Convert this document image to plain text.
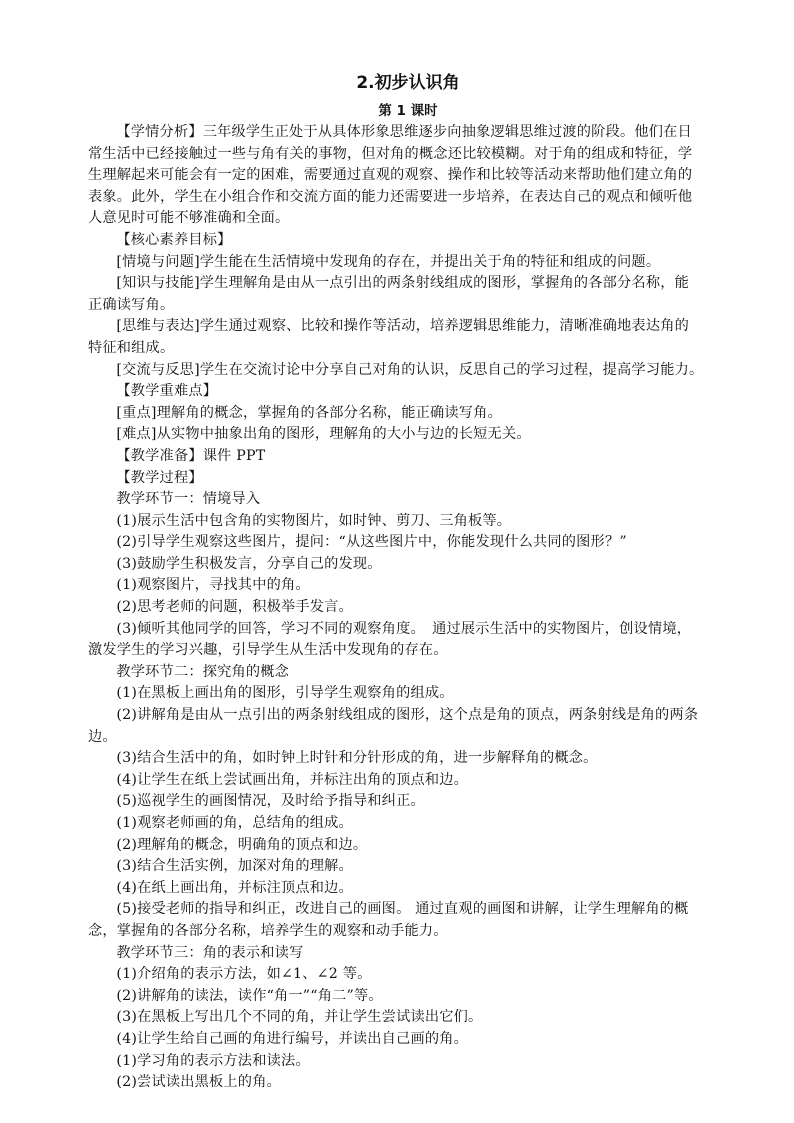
2.初步认识角
第 1 课时

【学情分析】三年级学生正处于从具体形象思维逐步向抽象逻辑思维过渡的阶段。他们在日

常生活中已经接触过一些与角有关的事物，但对角的概念还比较模糊。对于角的组成和特征，学

生理解起来可能会有一定的困难，需要通过直观的观察、操作和比较等活动来帮助他们建立角的

表象。此外，学生在小组合作和交流方面的能力还需要进一步培养，在表达自己的观点和倾听他

人意见时可能不够准确和全面。

【核心素养目标】

[情境与问题]学生能在生活情境中发现角的存在，并提出关于角的特征和组成的问题。

[知识与技能]学生理解角是由从一点引出的两条射线组成的图形，掌握角的各部分名称，能

正确读写角。

[思维与表达]学生通过观察、比较和操作等活动，培养逻辑思维能力，清晰准确地表达角的

特征和组成。

[交流与反思]学生在交流讨论中分享自己对角的认识，反思自己的学习过程，提高学习能力。

【教学重难点】

[重点]理解角的概念，掌握角的各部分名称，能正确读写角。

[难点]从实物中抽象出角的图形，理解角的大小与边的长短无关。

【教学准备】课件 PPT

【教学过程】

教学环节一：情境导入

(1)展示生活中包含角的实物图片，如时钟、剪刀、三角板等。

(2)引导学生观察这些图片，提问：“从这些图片中，你能发现什么共同的图形？”

(3)鼓励学生积极发言，分享自己的发现。

(1)观察图片，寻找其中的角。

(2)思考老师的问题，积极举手发言。

(3)倾听其他同学的回答，学习不同的观察角度。　通过展示生活中的实物图片，创设情境，

激发学生的学习兴趣，引导学生从生活中发现角的存在。

教学环节二：探究角的概念

(1)在黑板上画出角的图形，引导学生观察角的组成。

(2)讲解角是由从一点引出的两条射线组成的图形，这个点是角的顶点，两条射线是角的两条

边。

(3)结合生活中的角，如时钟上时针和分针形成的角，进一步解释角的概念。

(4)让学生在纸上尝试画出角，并标注出角的顶点和边。

(5)巡视学生的画图情况，及时给予指导和纠正。

(1)观察老师画的角，总结角的组成。

(2)理解角的概念，明确角的顶点和边。

(3)结合生活实例，加深对角的理解。

(4)在纸上画出角，并标注顶点和边。

(5)接受老师的指导和纠正，改进自己的画图。 通过直观的画图和讲解，让学生理解角的概

念，掌握角的各部分名称，培养学生的观察和动手能力。

教学环节三：角的表示和读写

(1)介绍角的表示方法，如∠1、∠2 等。

(2)讲解角的读法，读作“角一”“角二”等。

(3)在黑板上写出几个不同的角，并让学生尝试读出它们。

(4)让学生给自己画的角进行编号，并读出自己画的角。

(1)学习角的表示方法和读法。

(2)尝试读出黑板上的角。
